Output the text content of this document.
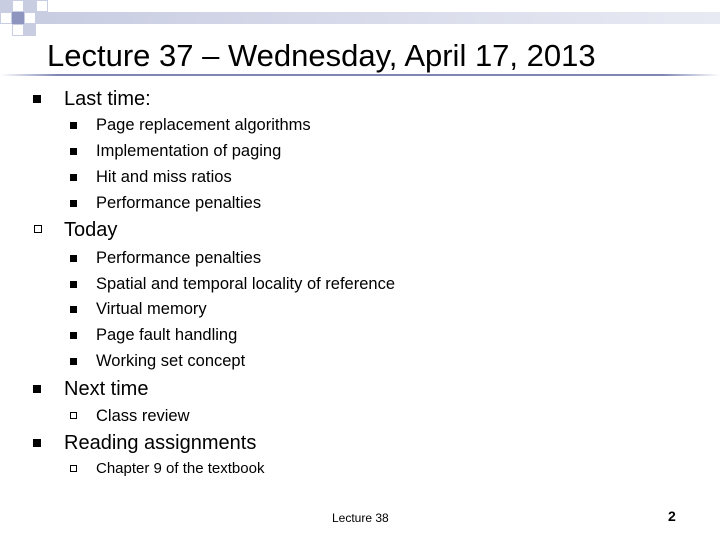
Lecture 37 – Wednesday, April 17, 2013
Last time:
Page replacement algorithms
Implementation of paging
Hit and miss ratios
Performance penalties
Today
Performance penalties
Spatial and temporal locality of reference
Virtual memory
Page fault handling
Working set concept
Next time
Class review
Reading assignments
Chapter 9 of the textbook
Lecture 38	2
